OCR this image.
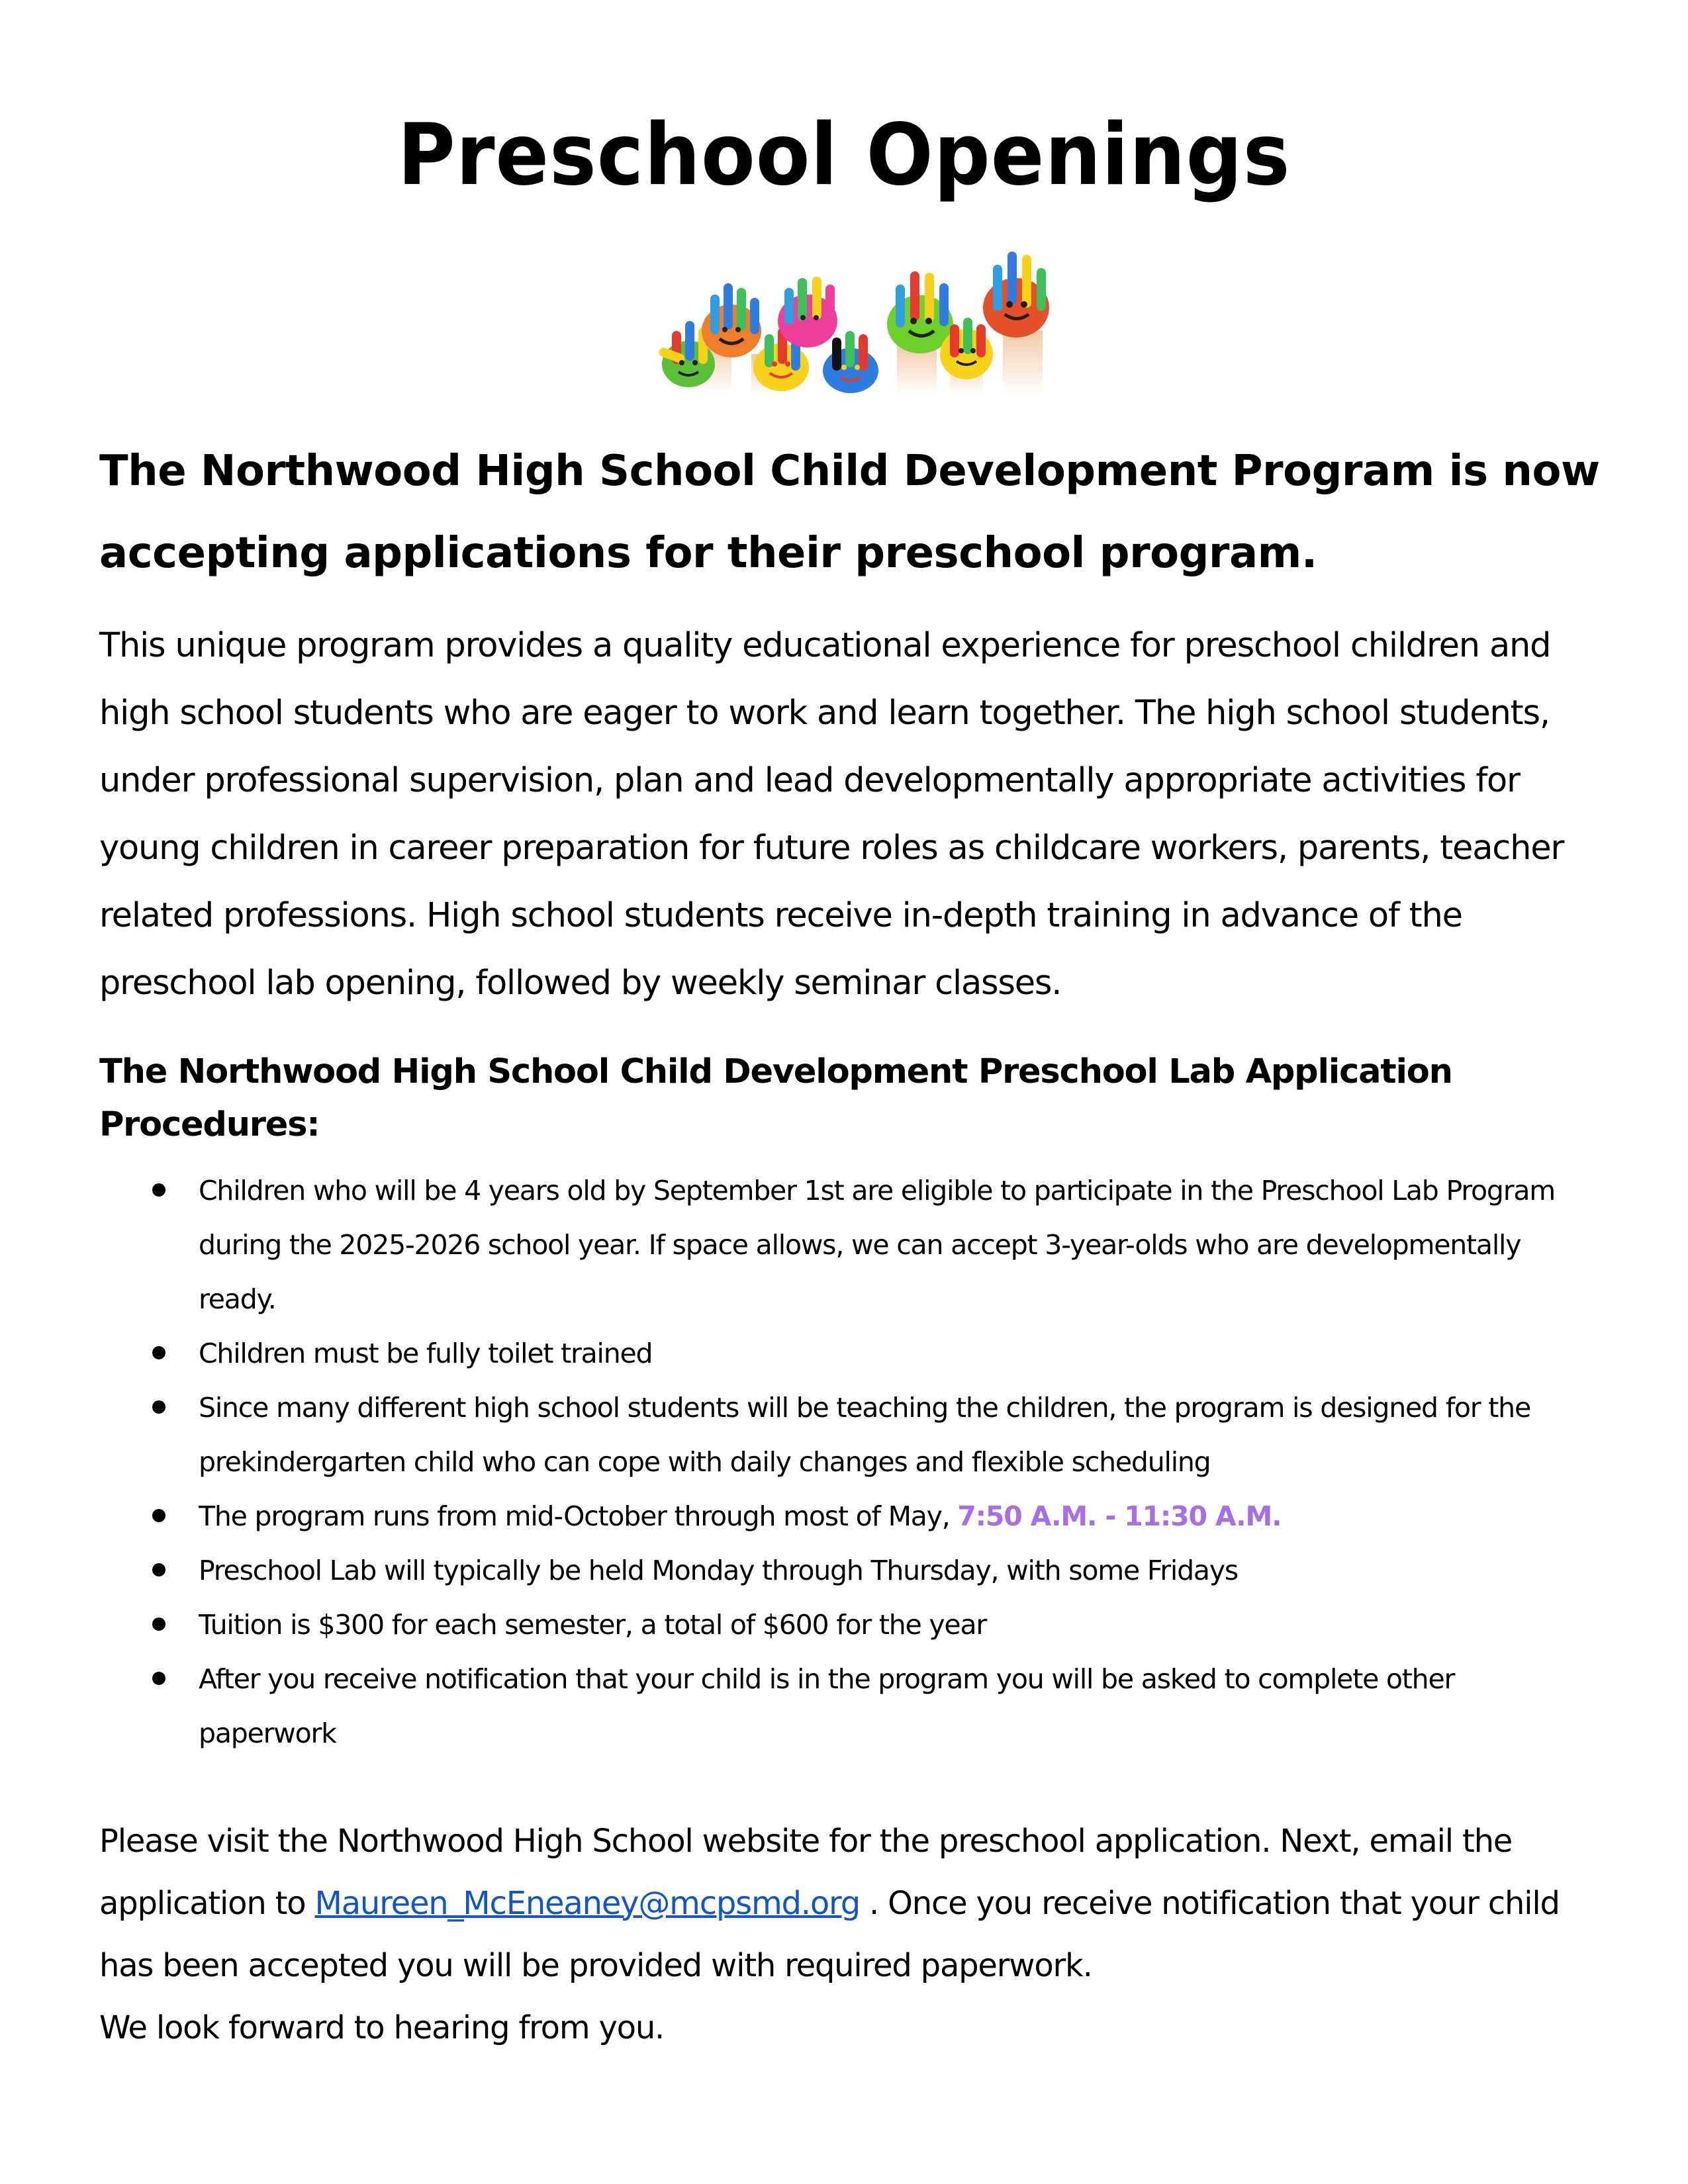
Preschool Openings
The Northwood High School Child Development Program is now accepting applications for their preschool program.

This unique program provides a quality educational experience for preschool children and high school students who are eager to work and learn together. The high school students, under professional supervision, plan and lead developmentally appropriate activities for young children in career preparation for future roles as childcare workers, parents, teacher related professions. High school students receive in-depth training in advance of the preschool lab opening, followed by weekly seminar classes.

The Northwood High School Child Development Preschool Lab Application Procedures:
Children who will be 4 years old by September 1st are eligible to participate in the Preschool Lab Program during the 2025-2026 school year. If space allows, we can accept 3-year-olds who are developmentally ready.
Children must be fully toilet trained
Since many different high school students will be teaching the children, the program is designed for the prekindergarten child who can cope with daily changes and flexible scheduling
The program runs from mid-October through most of May, 7:50 A.M. - 11:30 A.M.
Preschool Lab will typically be held Monday through Thursday, with some Fridays
Tuition is $300 for each semester, a total of $600 for the year
After you receive notification that your child is in the program you will be asked to complete other paperwork

Please visit the Northwood High School website for the preschool application. Next, email the application to Maureen_McEneaney@mcpsmd.org . Once you receive notification that your child has been accepted you will be provided with required paperwork.

We look forward to hearing from you.
